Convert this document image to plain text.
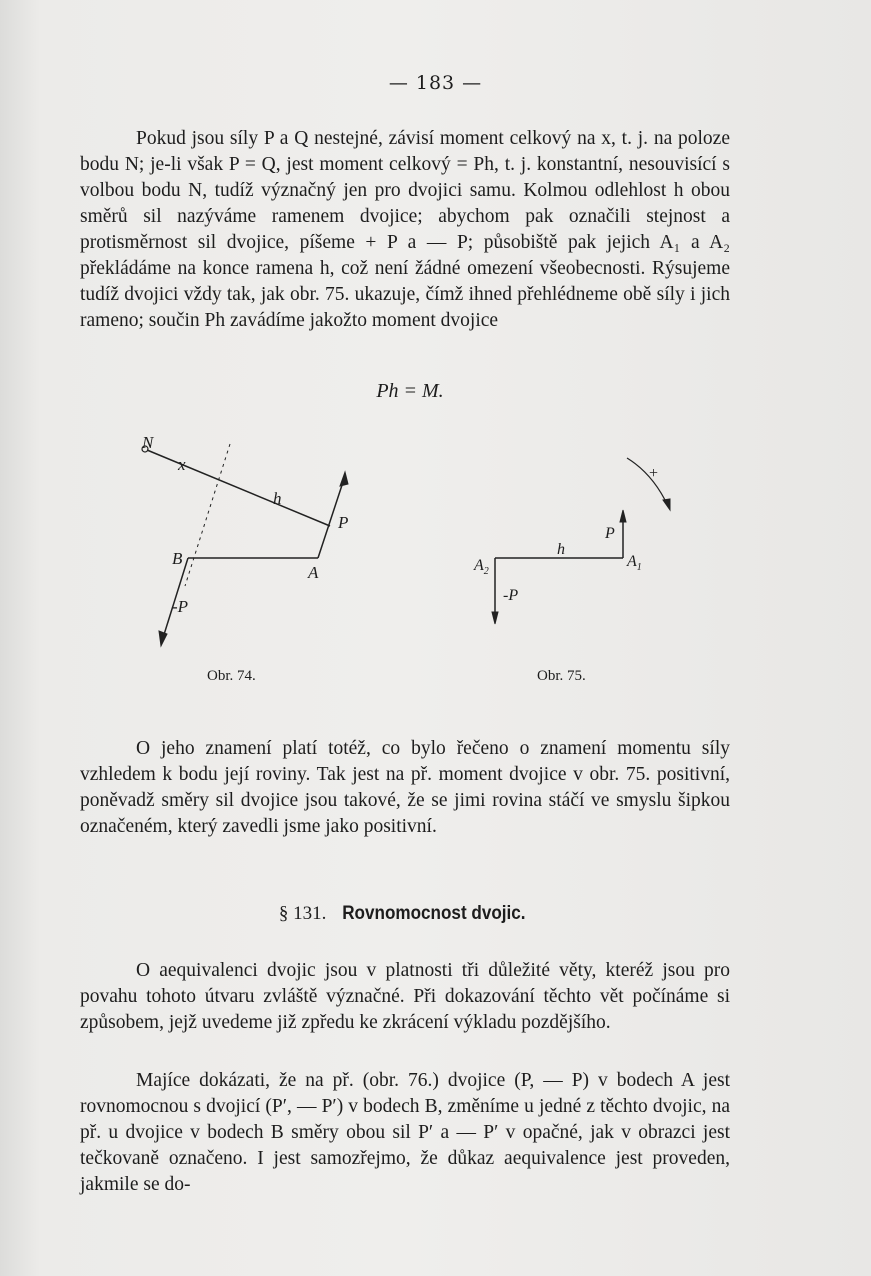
— 183 —
Pokud jsou síly P a Q nestejné, závisí moment celkový na x, t. j. na poloze bodu N; je-li však P = Q, jest moment celkový = Ph, t. j. konstantní, nesouvisící s volbou bodu N, tudíž význačný jen pro dvojici samu. Kolmou odlehlost h obou směrů sil nazýváme ramenem dvojice; abychom pak označili stejnost a protisměrnost sil dvojice, píšeme + P a — P; působiště pak jejich A₁ a A₂ překládáme na konce ramena h, což není žádné omezení všeobecnosti. Rýsujeme tudíž dvojici vždy tak, jak obr. 75. ukazuje, čímž ihned přehlédneme obě síly i jich rameno; součin Ph zavádíme jakožto moment dvojice
Ph = M.
N
x
h
P
B
A
-P
Obr. 74.
$A_2$
$A_1$
h
P
-P
+
Obr. 75.
O jeho znamení platí totéž, co bylo řečeno o znamení momentu síly vzhledem k bodu její roviny. Tak jest na př. moment dvojice v obr. 75. positivní, poněvadž směry sil dvojice jsou takové, že se jimi rovina stáčí ve smyslu šipkou označeném, který zavedli jsme jako positivní.
§ 131. Rovnomocnost dvojic.
O aequivalenci dvojic jsou v platnosti tři důležité věty, kteréž jsou pro povahu tohoto útvaru zvláště význačné. Při dokazování těchto vět počínáme si způsobem, jejž uvedeme již zpředu ke zkrácení výkladu pozdějšího.
Majíce dokázati, že na př. (obr. 76.) dvojice (P, — P) v bodech A jest rovnomocnou s dvojicí (P′, — P′) v bodech B, změníme u jedné z těchto dvojic, na př. u dvojice v bodech B směry obou sil P′ a — P′ v opačné, jak v obrazci jest tečkovaně označeno. I jest samozřejmo, že důkaz aequivalence jest proveden, jakmile se do-
